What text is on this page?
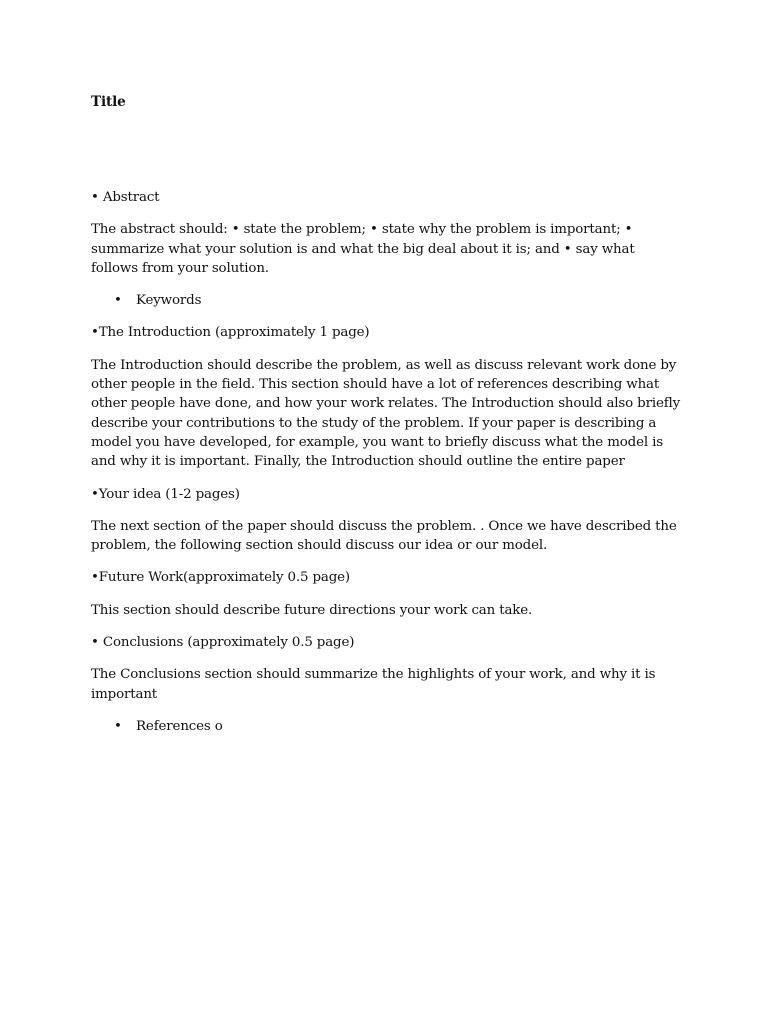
Title

• Abstract

The abstract should: • state the problem; • state why the problem is important; • summarize what your solution is and what the big deal about it is; and • say what follows from your solution.

• Keywords

•The Introduction (approximately 1 page)

The Introduction should describe the problem, as well as discuss relevant work done by other people in the field. This section should have a lot of references describing what other people have done, and how your work relates. The Introduction should also briefly describe your contributions to the study of the problem. If your paper is describing a model you have developed, for example, you want to briefly discuss what the model is and why it is important. Finally, the Introduction should outline the entire paper

•Your idea (1-2 pages)

The next section of the paper should discuss the problem. . Once we have described the problem, the following section should discuss our idea or our model.

•Future Work(approximately 0.5 page)

This section should describe future directions your work can take.

• Conclusions (approximately 0.5 page)

The Conclusions section should summarize the highlights of your work, and why it is important

• References o
